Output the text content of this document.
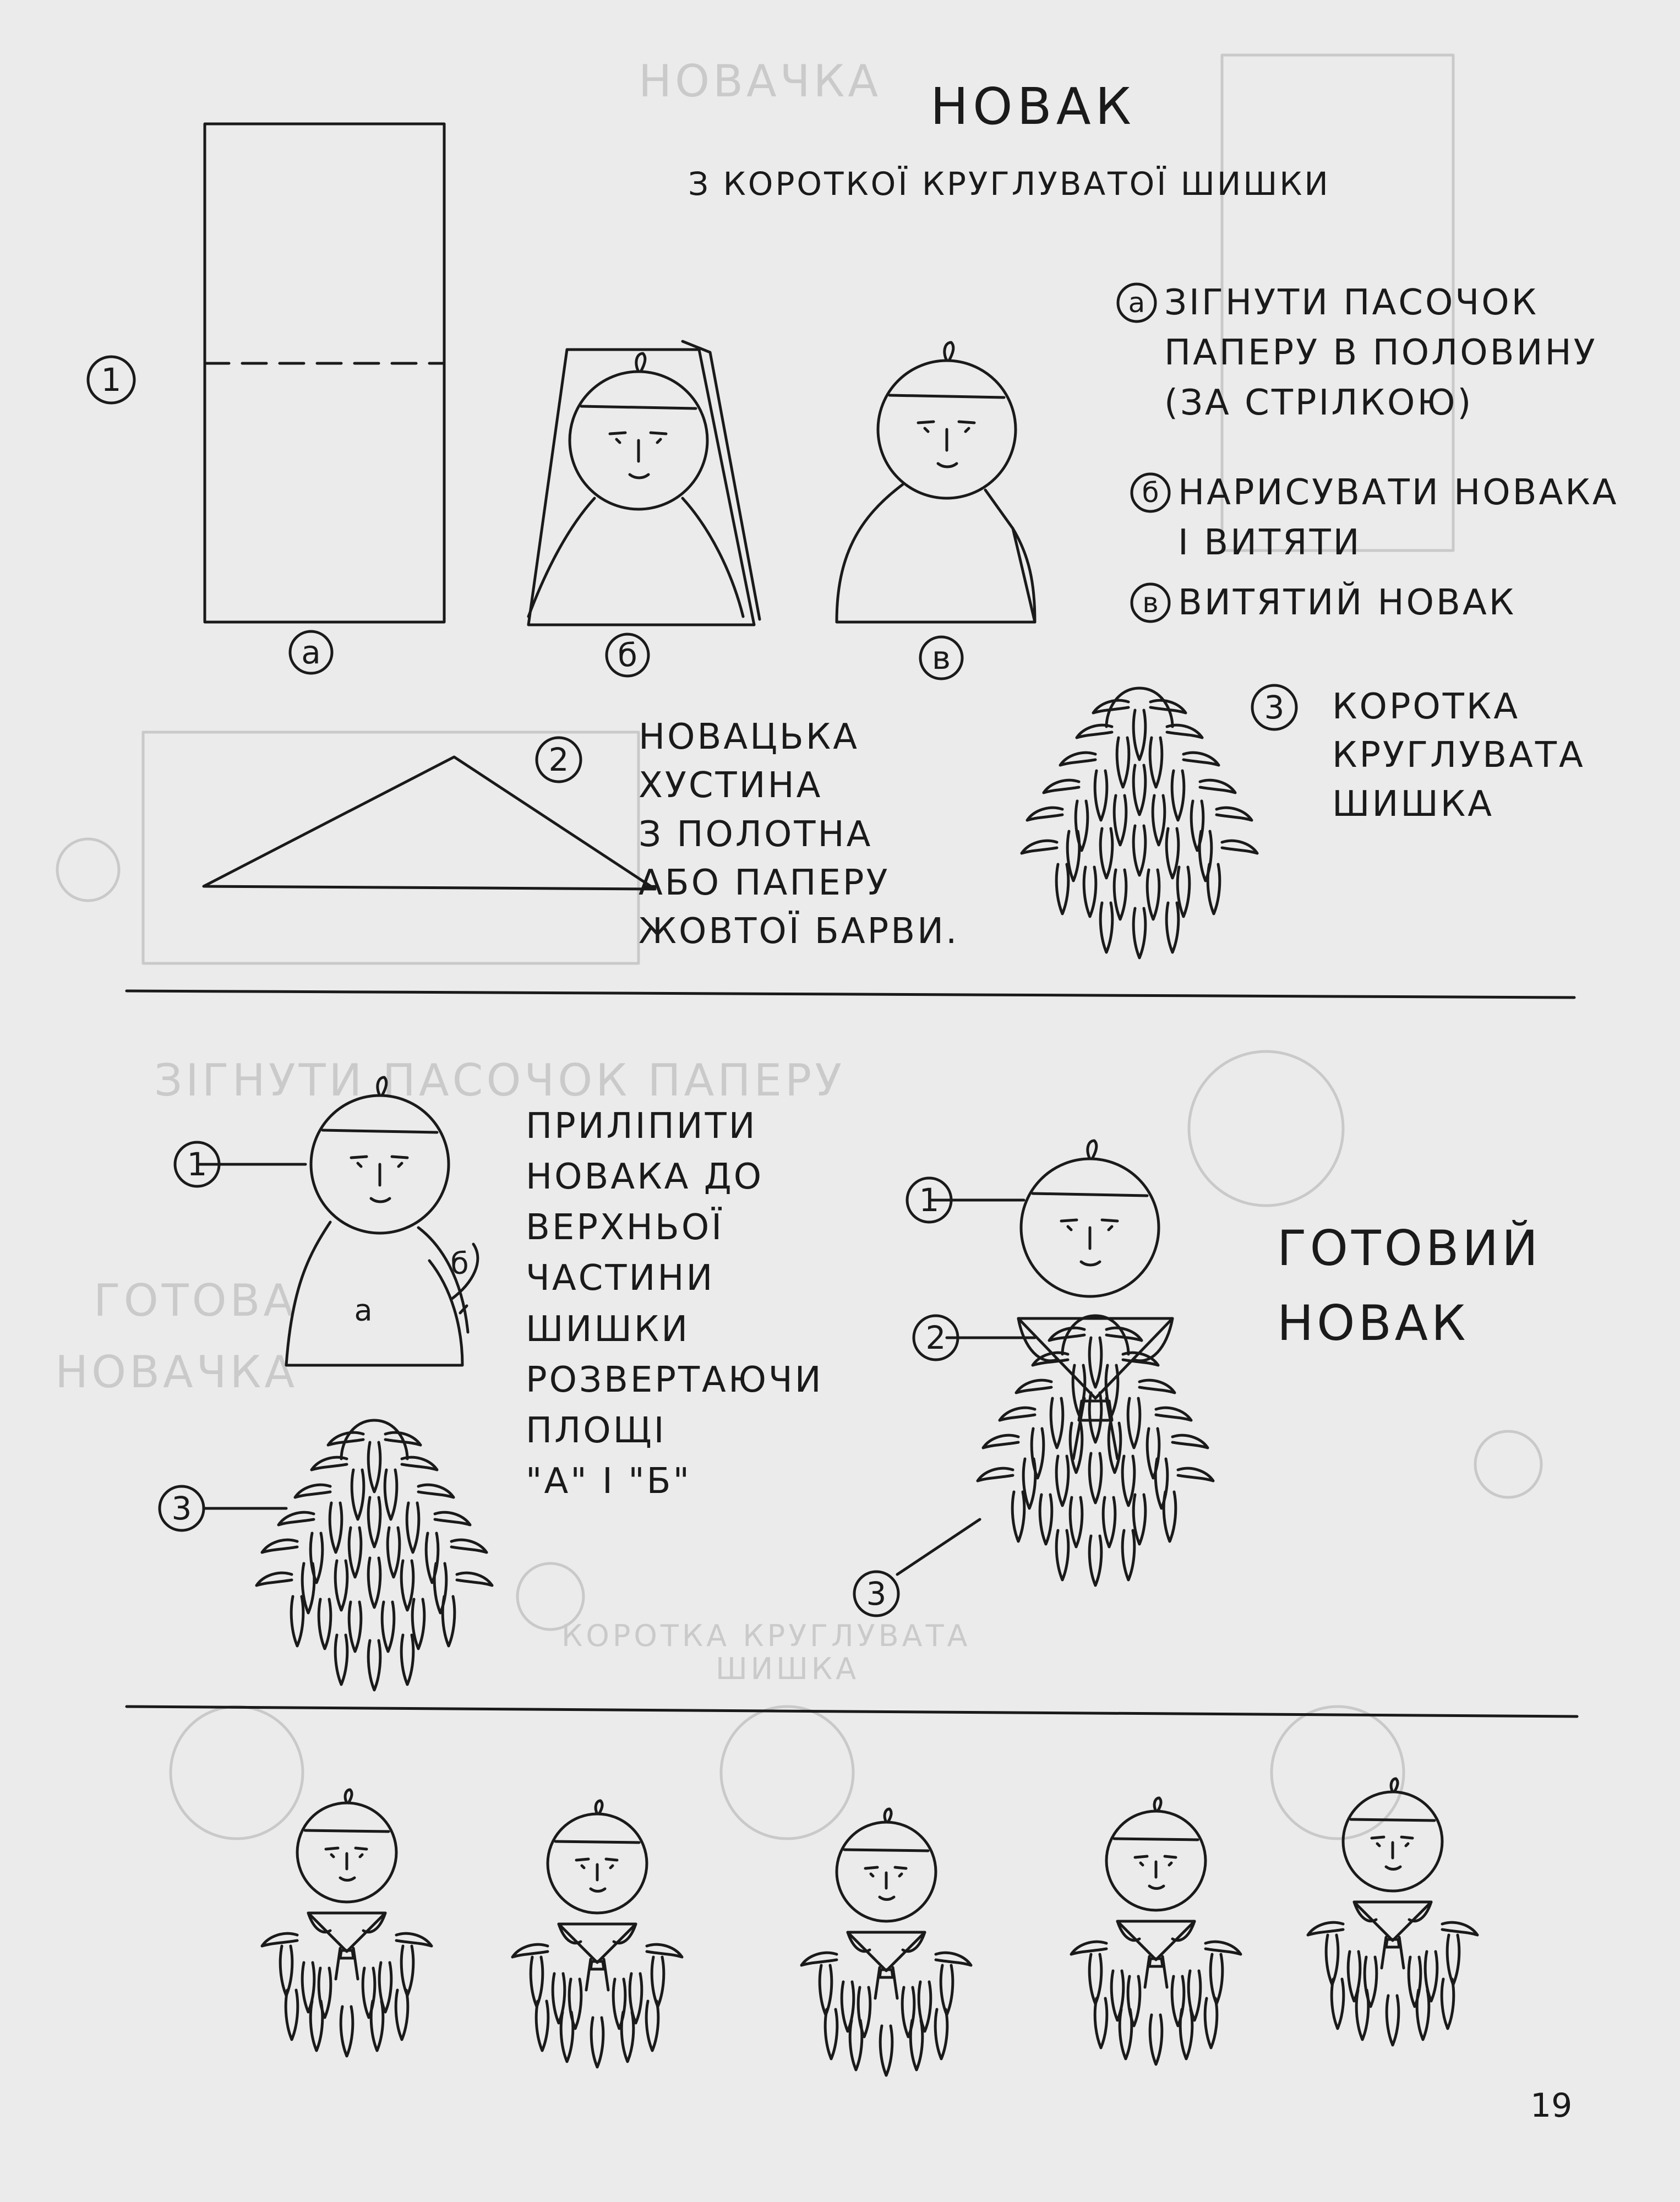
НОВАЧКА
ГОТОВА
НОВАЧКА
ЗІГНУТИ ПАСОЧОК ПАПЕРУ
КОРОТКА КРУГЛУВАТА
ШИШКА
1
а	б	в
а
б
в
2
3
а
б
1
3
1
2
3
НОВАК
З КОРОТКОЇ КРУГЛУВАТОЇ ШИШКИ
ЗІГНУТИ ПАСОЧОК
ПАПЕРУ В ПОЛОВИНУ
(ЗА СТРІЛКОЮ)
НАРИСУВАТИ НОВАКА
І ВИТЯТИ
ВИТЯТИЙ НОВАК
НОВАЦЬКА
ХУСТИНА
З ПОЛОТНА
АБО ПАПЕРУ
ЖОВТОЇ БАРВИ.
КОРОТКА
КРУГЛУВАТА
ШИШКА
ПРИЛІПИТИ
НОВАКА ДО
ВЕРХНЬОЇ
ЧАСТИНИ
ШИШКИ
РОЗВЕРТАЮЧИ
ПЛОЩІ
"А" І "Б"
ГОТОВИЙ
НОВАК
19
